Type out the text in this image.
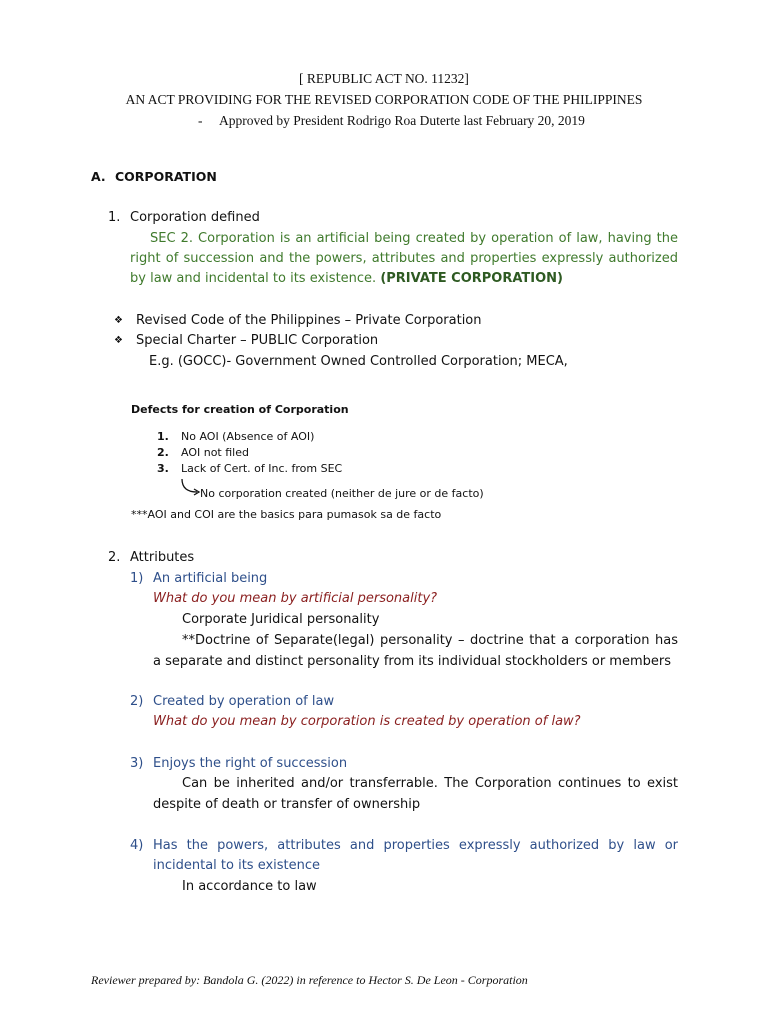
[ REPUBLIC ACT NO. 11232]
AN ACT PROVIDING FOR THE REVISED CORPORATION CODE OF THE PHILIPPINES
- Approved by President Rodrigo Roa Duterte last February 20, 2019
A. CORPORATION
1. Corporation defined
SEC 2. Corporation is an artificial being created by operation of law, having the
right of succession and the powers, attributes and properties expressly authorized
by law and incidental to its existence. (PRIVATE CORPORATION)
❖ Revised Code of the Philippines – Private Corporation
❖ Special Charter – PUBLIC Corporation
E.g. (GOCC)- Government Owned Controlled Corporation; MECA,
Defects for creation of Corporation
1. No AOI (Absence of AOI)
2. AOI not filed
3. Lack of Cert. of Inc. from SEC
No corporation created (neither de jure or de facto)
***AOI and COI are the basics para pumasok sa de facto
2. Attributes
1) An artificial being
What do you mean by artificial personality?
Corporate Juridical personality
**Doctrine of Separate(legal) personality – doctrine that a corporation has
a separate and distinct personality from its individual stockholders or members
2) Created by operation of law
What do you mean by corporation is created by operation of law?
3) Enjoys the right of succession
Can be inherited and/or transferrable. The Corporation continues to exist
despite of death or transfer of ownership
4) Has the powers, attributes and properties expressly authorized by law or
incidental to its existence
In accordance to law
Reviewer prepared by: Bandola G. (2022) in reference to Hector S. De Leon - Corporation
